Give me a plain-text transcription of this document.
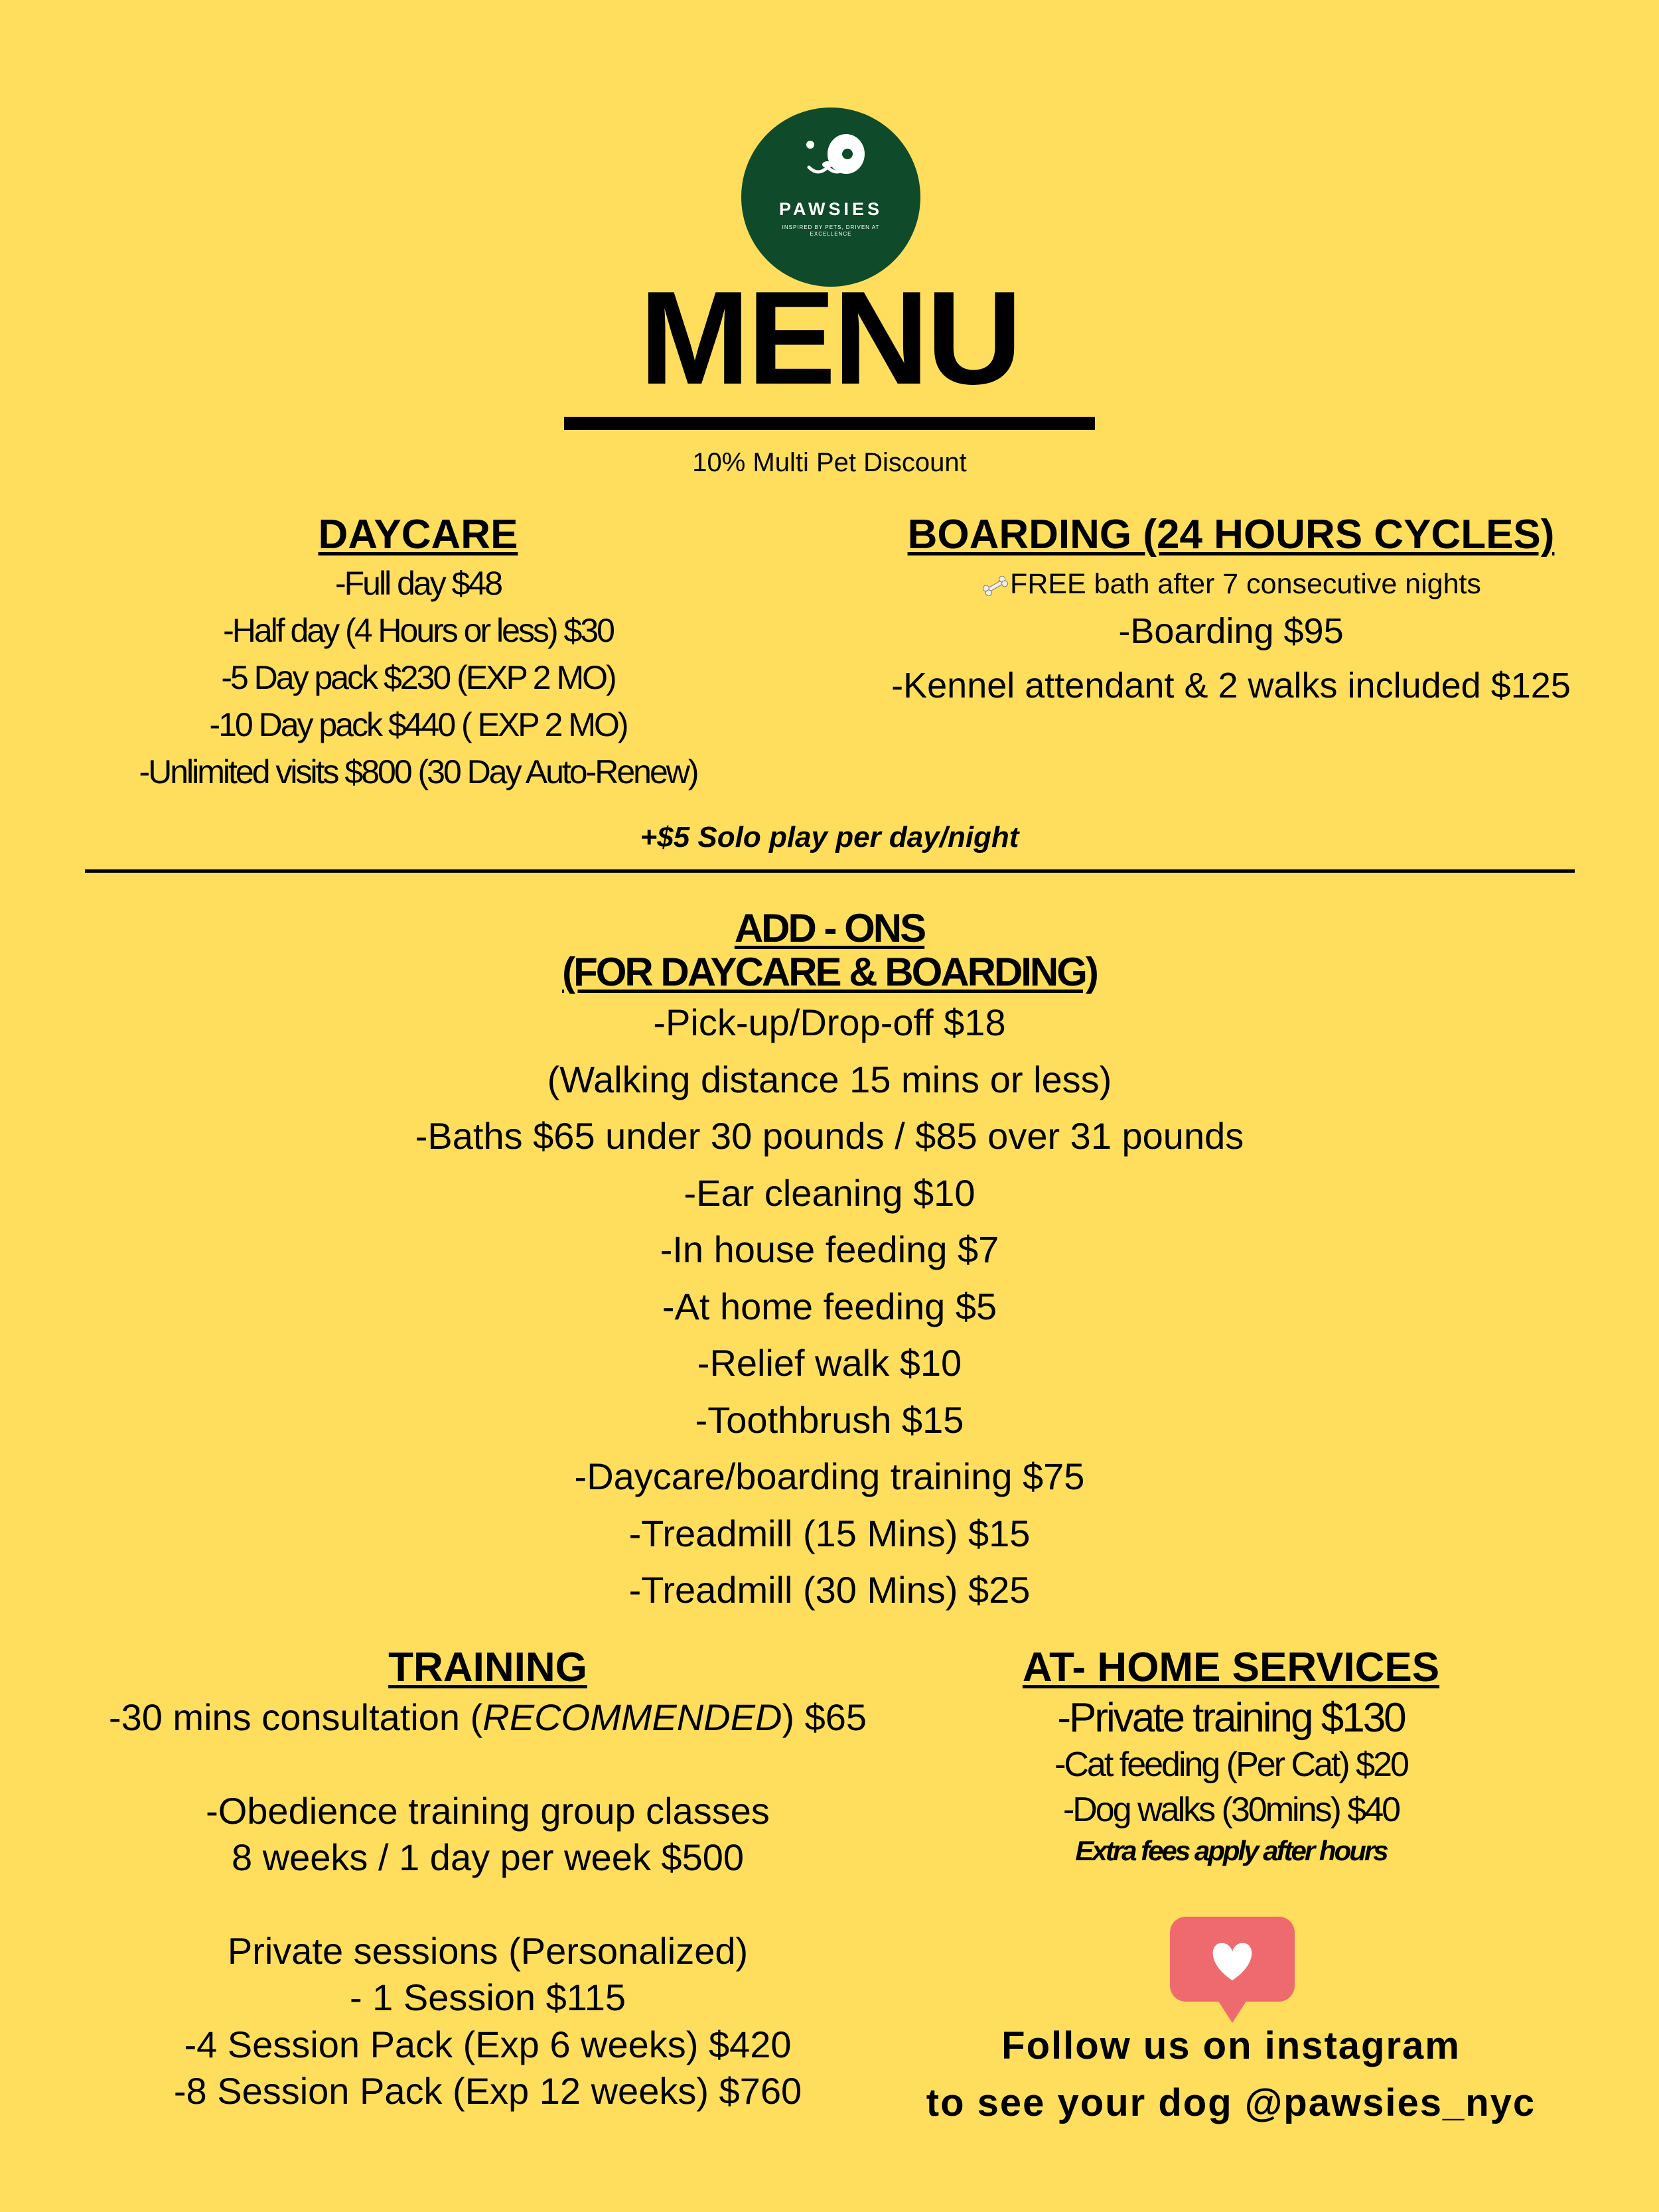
PAWSIES
INSPIRED BY PETS, DRIVEN AT EXCELLENCE
MENU
10% Multi Pet Discount
DAYCARE
-Full day $48
-Half day (4 Hours or less) $30
-5 Day pack $230 (EXP 2 MO)
-10 Day pack $440 ( EXP 2 MO)
-Unlimited visits $800 (30 Day Auto-Renew)
BOARDING (24 HOURS CYCLES)
FREE bath after 7 consecutive nights
-Boarding $95
-Kennel attendant & 2 walks included $125
+$5 Solo play per day/night
ADD - ONS
(FOR DAYCARE & BOARDING)
-Pick-up/Drop-off $18
(Walking distance 15 mins or less)
-Baths $65 under 30 pounds / $85 over 31 pounds
-Ear cleaning $10
-In house feeding $7
-At home feeding $5
-Relief walk $10
-Toothbrush $15
-Daycare/boarding training $75
-Treadmill (15 Mins) $15
-Treadmill (30 Mins) $25
TRAINING
-30 mins consultation (RECOMMENDED) $65
-Obedience training group classes
8 weeks / 1 day per week $500
Private sessions (Personalized)
- 1 Session $115
-4 Session Pack (Exp 6 weeks) $420
-8 Session Pack (Exp 12 weeks) $760
AT- HOME SERVICES
-Private training $130
-Cat feeding (Per Cat) $20
-Dog walks (30mins) $40
Extra fees apply after hours
Follow us on instagram
to see your dog @pawsies_nyc
